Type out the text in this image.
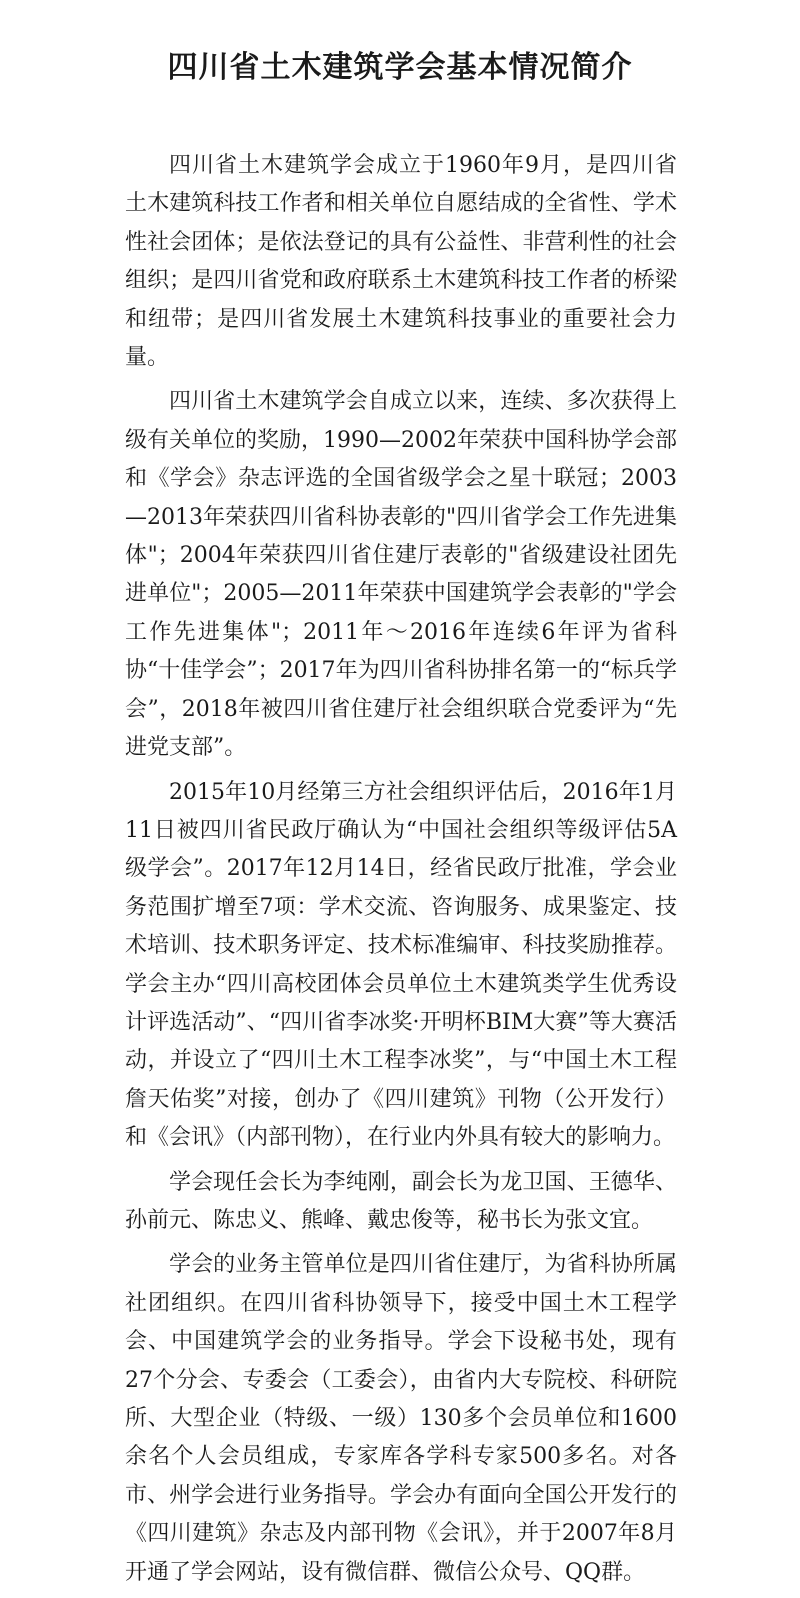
四川省土木建筑学会基本情况简介

四川省土木建筑学会成立于1960年9月，是四川省土木建筑科技工作者和相关单位自愿结成的全省性、学术性社会团体；是依法登记的具有公益性、非营利性的社会组织；是四川省党和政府联系土木建筑科技工作者的桥梁和纽带；是四川省发展土木建筑科技事业的重要社会力量。

四川省土木建筑学会自成立以来，连续、多次获得上级有关单位的奖励，1990—2002年荣获中国科协学会部和《学会》杂志评选的全国省级学会之星十联冠；2003—2013年荣获四川省科协表彰的"四川省学会工作先进集体"；2004年荣获四川省住建厅表彰的"省级建设社团先进单位"；2005—2011年荣获中国建筑学会表彰的"学会工作先进集体"；2011年～2016年连续6年评为省科协“十佳学会”；2017年为四川省科协排名第一的“标兵学会”，2018年被四川省住建厅社会组织联合党委评为“先进党支部”。

2015年10月经第三方社会组织评估后，2016年1月11日被四川省民政厅确认为“中国社会组织等级评估5A级学会”。2017年12月14日，经省民政厅批准，学会业务范围扩增至7项：学术交流、咨询服务、成果鉴定、技术培训、技术职务评定、技术标准编审、科技奖励推荐。学会主办“四川高校团体会员单位土木建筑类学生优秀设计评选活动”、“四川省李冰奖·开明杯BIM大赛”等大赛活动，并设立了“四川土木工程李冰奖”，与“中国土木工程詹天佑奖”对接，创办了《四川建筑》刊物（公开发行）和《会讯》（内部刊物），在行业内外具有较大的影响力。

学会现任会长为李纯刚，副会长为龙卫国、王德华、孙前元、陈忠义、熊峰、戴忠俊等，秘书长为张文宜。

学会的业务主管单位是四川省住建厅，为省科协所属社团组织。在四川省科协领导下，接受中国土木工程学会、中国建筑学会的业务指导。学会下设秘书处，现有27个分会、专委会（工委会），由省内大专院校、科研院所、大型企业（特级、一级）130多个会员单位和1600余名个人会员组成，专家库各学科专家500多名。对各市、州学会进行业务指导。学会办有面向全国公开发行的《四川建筑》杂志及内部刊物《会讯》，并于2007年8月开通了学会网站，设有微信群、微信公众号、QQ群。
